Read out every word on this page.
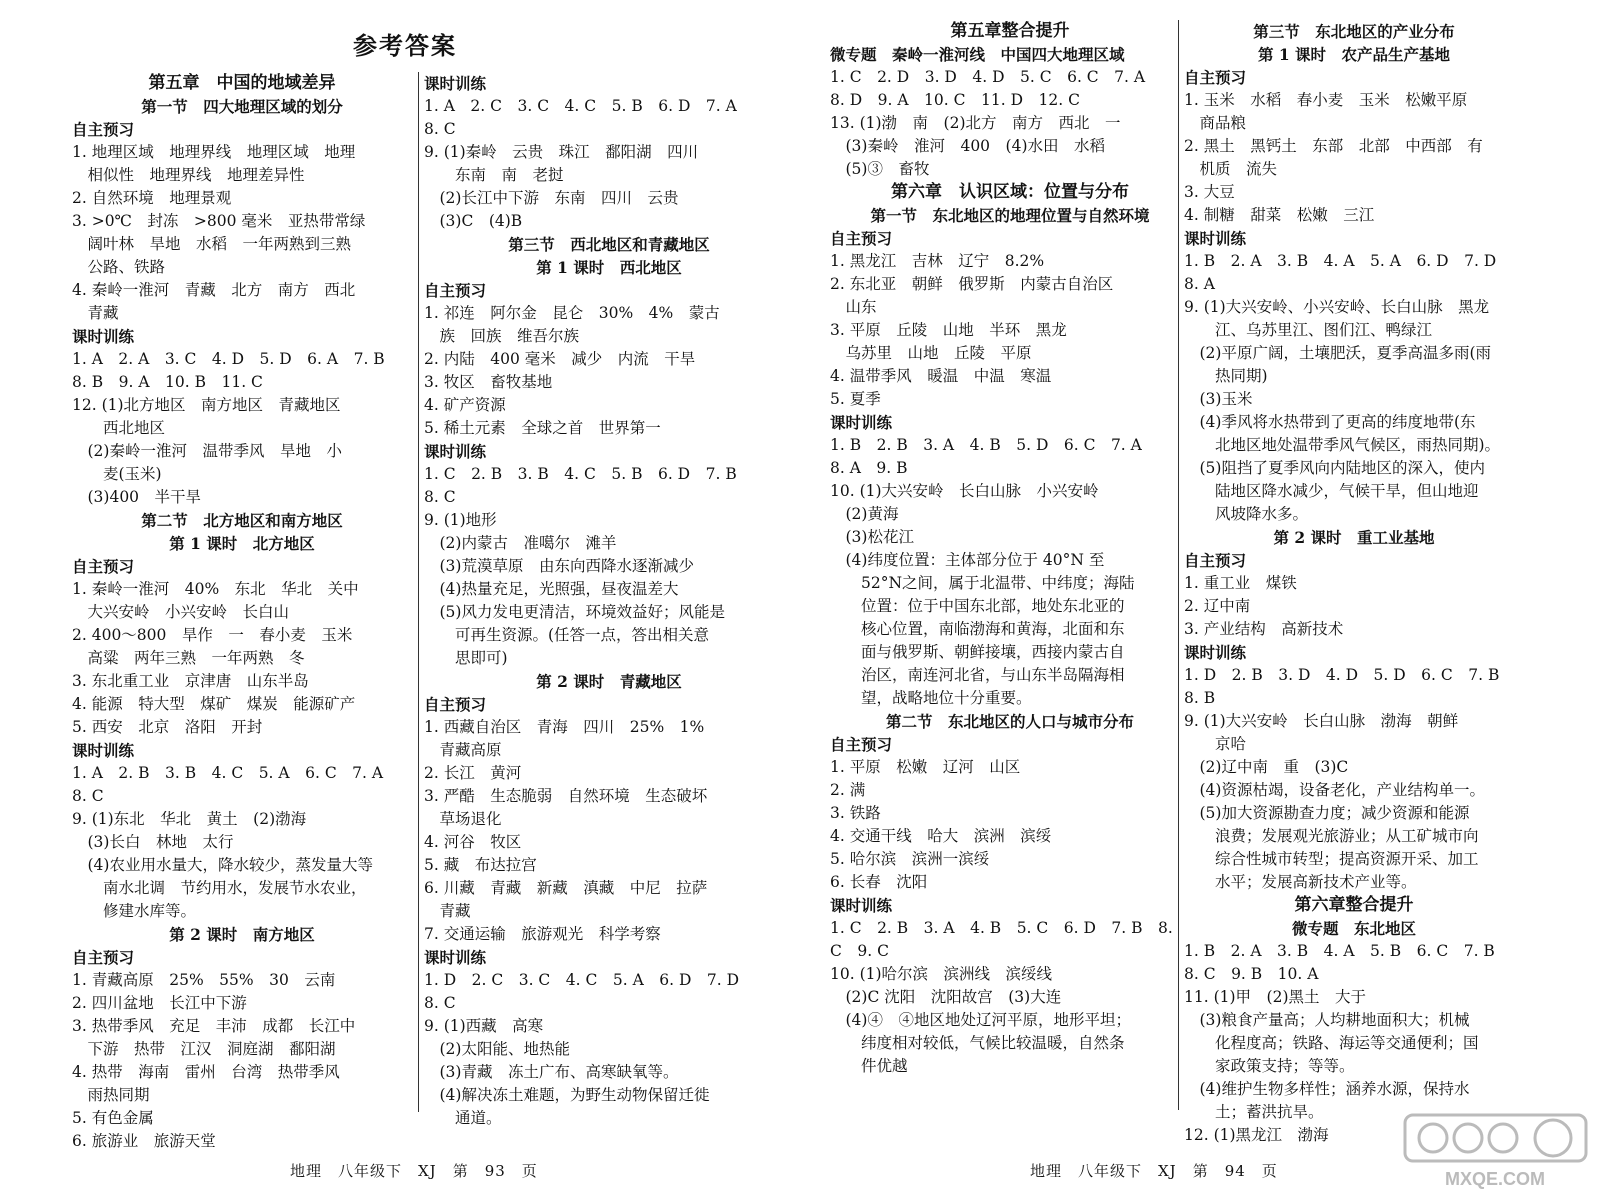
参考答案
第五章　中国的地域差异
第一节　四大地理区域的划分
自主预习
1. 地理区域　地理界线　地理区域　地理
　相似性　地理界线　地理差异性
2. 自然环境　地理景观
3. >0℃　封冻　>800 毫米　亚热带常绿
　阔叶林　旱地　水稻　一年两熟到三熟
　公路、铁路
4. 秦岭一淮河　青藏　北方　南方　西北
　青藏
课时训练
1. A　2. A　3. C　4. D　5. D　6. A　7. B
8. B　9. A　10. B　11. C
12. (1)北方地区　南方地区　青藏地区
　　西北地区
　(2)秦岭一淮河　温带季风　旱地　小
　　麦(玉米)
　(3)400　半干旱
第二节　北方地区和南方地区
第 1 课时　北方地区
自主预习
1. 秦岭一淮河　40%　东北　华北　关中
　大兴安岭　小兴安岭　长白山
2. 400～800　旱作　一　春小麦　玉米
　高粱　两年三熟　一年两熟　冬
3. 东北重工业　京津唐　山东半岛
4. 能源　特大型　煤矿　煤炭　能源矿产
5. 西安　北京　洛阳　开封
课时训练
1. A　2. B　3. B　4. C　5. A　6. C　7. A
8. C
9. (1)东北　华北　黄土　(2)渤海
　(3)长白　林地　太行
　(4)农业用水量大，降水较少，蒸发量大等
　　南水北调　节约用水，发展节水农业，
　　修建水库等。
第 2 课时　南方地区
自主预习
1. 青藏高原　25%　55%　30　云南
2. 四川盆地　长江中下游
3. 热带季风　充足　丰沛　成都　长江中
　下游　热带　江汉　洞庭湖　鄱阳湖
4. 热带　海南　雷州　台湾　热带季风
　雨热同期
5. 有色金属
6. 旅游业　旅游天堂
课时训练
1. A　2. C　3. C　4. C　5. B　6. D　7. A
8. C
9. (1)秦岭　云贵　珠江　鄱阳湖　四川
　　东南　南　老挝
　(2)长江中下游　东南　四川　云贵
　(3)C　(4)B
第三节　西北地区和青藏地区
第 1 课时　西北地区
自主预习
1. 祁连　阿尔金　昆仑　30%　4%　蒙古
　族　回族　维吾尔族
2. 内陆　400 毫米　减少　内流　干旱
3. 牧区　畜牧基地
4. 矿产资源
5. 稀土元素　全球之首　世界第一
课时训练
1. C　2. B　3. B　4. C　5. B　6. D　7. B
8. C
9. (1)地形
　(2)内蒙古　准噶尔　滩羊
　(3)荒漠草原　由东向西降水逐渐减少
　(4)热量充足，光照强，昼夜温差大
　(5)风力发电更清洁，环境效益好；风能是
　　可再生资源。(任答一点，答出相关意
　　思即可)
第 2 课时　青藏地区
自主预习
1. 西藏自治区　青海　四川　25%　1%
　青藏高原
2. 长江　黄河
3. 严酷　生态脆弱　自然环境　生态破坏
　草场退化
4. 河谷　牧区
5. 藏　布达拉宫
6. 川藏　青藏　新藏　滇藏　中尼　拉萨
　青藏
7. 交通运输　旅游观光　科学考察
课时训练
1. D　2. C　3. C　4. C　5. A　6. D　7. D
8. C
9. (1)西藏　高寒
　(2)太阳能、地热能
　(3)青藏　冻土广布、高寒缺氧等。
　(4)解决冻土难题，为野生动物保留迁徙
　　通道。
地理　八年级下　XJ　第　93　页
第五章整合提升
微专题　秦岭一淮河线　中国四大地理区域
1. C　2. D　3. D　4. D　5. C　6. C　7. A
8. D　9. A　10. C　11. D　12. C
13. (1)渤　南　(2)北方　南方　西北　一
　(3)秦岭　淮河　400　(4)水田　水稻
　(5)③　畜牧
第六章　认识区域：位置与分布
第一节　东北地区的地理位置与自然环境
自主预习
1. 黑龙江　吉林　辽宁　8.2%
2. 东北亚　朝鲜　俄罗斯　内蒙古自治区
　山东
3. 平原　丘陵　山地　半环　黑龙
　乌苏里　山地　丘陵　平原
4. 温带季风　暖温　中温　寒温
5. 夏季
课时训练
1. B　2. B　3. A　4. B　5. D　6. C　7. A
8. A　9. B
10. (1)大兴安岭　长白山脉　小兴安岭
　(2)黄海
　(3)松花江
　(4)纬度位置：主体部分位于 40°N 至
　　52°N之间，属于北温带、中纬度；海陆
　　位置：位于中国东北部，地处东北亚的
　　核心位置，南临渤海和黄海，北面和东
　　面与俄罗斯、朝鲜接壤，西接内蒙古自
　　治区，南连河北省，与山东半岛隔海相
　　望，战略地位十分重要。
第二节　东北地区的人口与城市分布
自主预习
1. 平原　松嫩　辽河　山区
2. 满
3. 铁路
4. 交通干线　哈大　滨洲　滨绥
5. 哈尔滨　滨洲一滨绥
6. 长春　沈阳
课时训练
1. C　2. B　3. A　4. B　5. C　6. D　7. B　8.
C　9. C
10. (1)哈尔滨　滨洲线　滨绥线
　(2)C 沈阳　沈阳故宫　(3)大连
　(4)④　④地区地处辽河平原，地形平坦；
　　纬度相对较低，气候比较温暖，自然条
　　件优越
第三节　东北地区的产业分布
第 1 课时　农产品生产基地
自主预习
1. 玉米　水稻　春小麦　玉米　松嫩平原
　商品粮
2. 黑土　黑钙土　东部　北部　中西部　有
　机质　流失
3. 大豆
4. 制糖　甜菜　松嫩　三江
课时训练
1. B　2. A　3. B　4. A　5. A　6. D　7. D
8. A
9. (1)大兴安岭、小兴安岭、长白山脉　黑龙
　　江、乌苏里江、图们江、鸭绿江
　(2)平原广阔，土壤肥沃，夏季高温多雨(雨
　　热同期)
　(3)玉米
　(4)季风将水热带到了更高的纬度地带(东
　　北地区地处温带季风气候区，雨热同期)。
　(5)阻挡了夏季风向内陆地区的深入，使内
　　陆地区降水减少，气候干旱，但山地迎
　　风坡降水多。
第 2 课时　重工业基地
自主预习
1. 重工业　煤铁
2. 辽中南
3. 产业结构　高新技术
课时训练
1. D　2. B　3. D　4. D　5. D　6. C　7. B
8. B
9. (1)大兴安岭　长白山脉　渤海　朝鲜
　　京哈
　(2)辽中南　重　(3)C
　(4)资源枯竭，设备老化，产业结构单一。
　(5)加大资源勘查力度；减少资源和能源
　　浪费；发展观光旅游业；从工矿城市向
　　综合性城市转型；提高资源开采、加工
　　水平；发展高新技术产业等。
第六章整合提升
微专题　东北地区
1. B　2. A　3. B　4. A　5. B　6. C　7. B
8. C　9. B　10. A
11. (1)甲　(2)黑土　大于
　(3)粮食产量高；人均耕地面积大；机械
　　化程度高；铁路、海运等交通便利；国
　　家政策支持；等等。
　(4)维护生物多样性；涵养水源，保持水
　　土；蓄洪抗旱。
12. (1)黑龙江　渤海
地理　八年级下　XJ　第　94　页	MXQE.COM
